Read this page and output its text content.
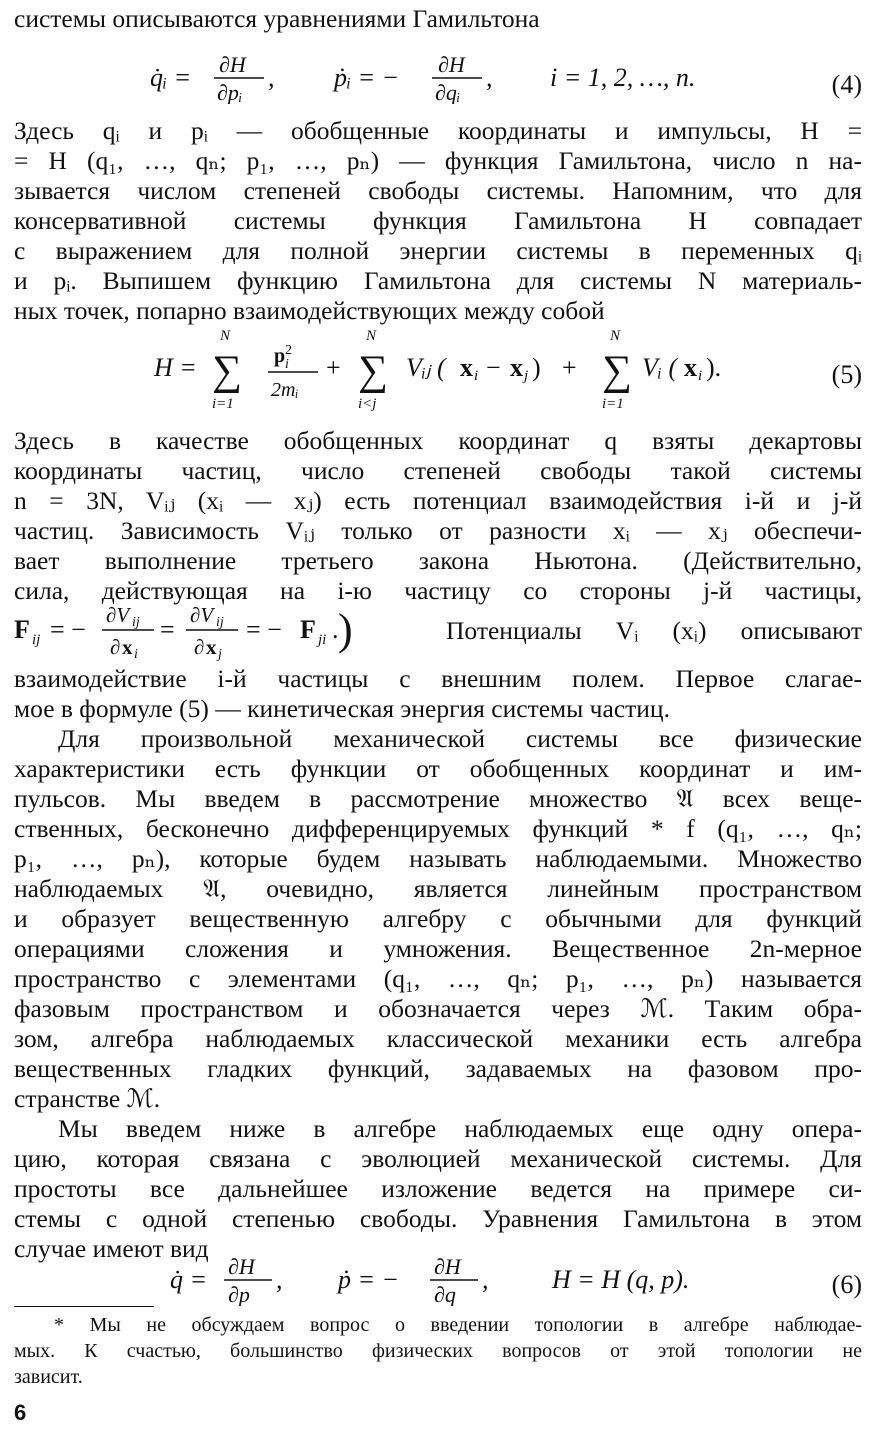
системы описываются уравнениями Гамильтона
q̇ᵢ = ∂H
∂pᵢ
, ṗᵢ = − ∂H
∂qᵢ
, i = 1, 2, …, n.	(4)
Здесь qᵢ и pᵢ — обобщенные координаты и импульсы, H =
= H (q₁, …, qₙ; p₁, …, pₙ) — функция Гамильтона, число n на-
зывается числом степеней свободы системы. Напомним, что для
консервативной системы функция Гамильтона H совпадает
с выражением для полной энергии системы в переменных qᵢ
и pᵢ. Выпишем функцию Гамильтона для системы N материаль-
ных точек, попарно взаимодействующих между собой
H =
N
∑
i=1
p 2
i
2mᵢ
+
N
∑
i<j
Vᵢⱼ ( x i − x j ) +
N
∑
i=1
Vᵢ ( x i ).	(5)
Здесь в качестве обобщенных координат q взяты декартовы
координаты частиц, число степеней свободы такой системы
n = 3N, Vᵢⱼ (xᵢ — xⱼ) есть потенциал взаимодействия i-й и j-й
частиц. Зависимость Vᵢⱼ только от разности xᵢ — xⱼ обеспечи-
вает выполнение третьего закона Ньютона. (Действительно,
сила, действующая на i-ю частицу со стороны j-й частицы,
F ij = − ∂V ij
∂ x i
= ∂V ij
∂ x j
= − F ji . )	Потенциалы Vᵢ (xᵢ) описывают
взаимодействие i-й частицы с внешним полем. Первое слагае-
мое в формуле (5) — кинетическая энергия системы частиц.
Для произвольной механической системы все физические
характеристики есть функции от обобщенных координат и им-
пульсов. Мы введем в рассмотрение множество 𝔄 всех веще-
ственных, бесконечно дифференцируемых функций * f (q₁, …, qₙ;
p₁, …, pₙ), которые будем называть наблюдаемыми. Множество
наблюдаемых 𝔄, очевидно, является линейным пространством
и образует вещественную алгебру с обычными для функций
операциями сложения и умножения. Вещественное 2n-мерное
пространство с элементами (q₁, …, qₙ; p₁, …, pₙ) называется
фазовым пространством и обозначается через ℳ. Таким обра-
зом, алгебра наблюдаемых классической механики есть алгебра
вещественных гладких функций, задаваемых на фазовом про-
странстве ℳ.
Мы введем ниже в алгебре наблюдаемых еще одну опера-
цию, которая связана с эволюцией механической системы. Для
простоты все дальнейшее изложение ведется на примере си-
стемы с одной степенью свободы. Уравнения Гамильтона в этом
случае имеют вид
q̇ = ∂H
∂p
, ṗ = − ∂H
∂q
, H = H (q, p).	(6)
* Мы не обсуждаем вопрос о введении топологии в алгебре наблюдае-
мых. К счастью, большинство физических вопросов от этой топологии не
зависит.
6
